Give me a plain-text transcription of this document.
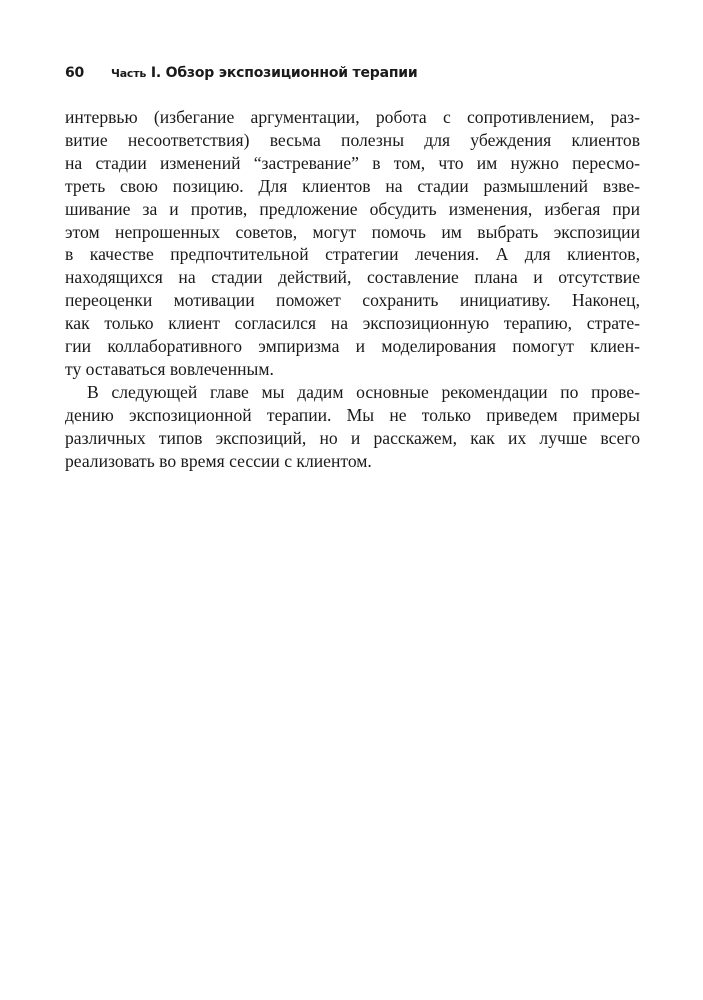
60 Часть I. Обзор экспозиционной терапии
интервью (избегание аргументации, робота с сопротивлением, раз-
витие несоответствия) весьма полезны для убеждения клиентов
на стадии изменений “застревание” в том, что им нужно пересмо-
треть свою позицию. Для клиентов на стадии размышлений взве-
шивание за и против, предложение обсудить изменения, избегая при
этом непрошенных советов, могут помочь им выбрать экспозиции
в качестве предпочтительной стратегии лечения. А для клиентов,
находящихся на стадии действий, составление плана и отсутствие
переоценки мотивации поможет сохранить инициативу. Наконец,
как только клиент согласился на экспозиционную терапию, страте-
гии коллаборативного эмпиризма и моделирования помогут клиен-
ту оставаться вовлеченным.
В следующей главе мы дадим основные рекомендации по прове-
дению экспозиционной терапии. Мы не только приведем примеры
различных типов экспозиций, но и расскажем, как их лучше всего
реализовать во время сессии с клиентом.
